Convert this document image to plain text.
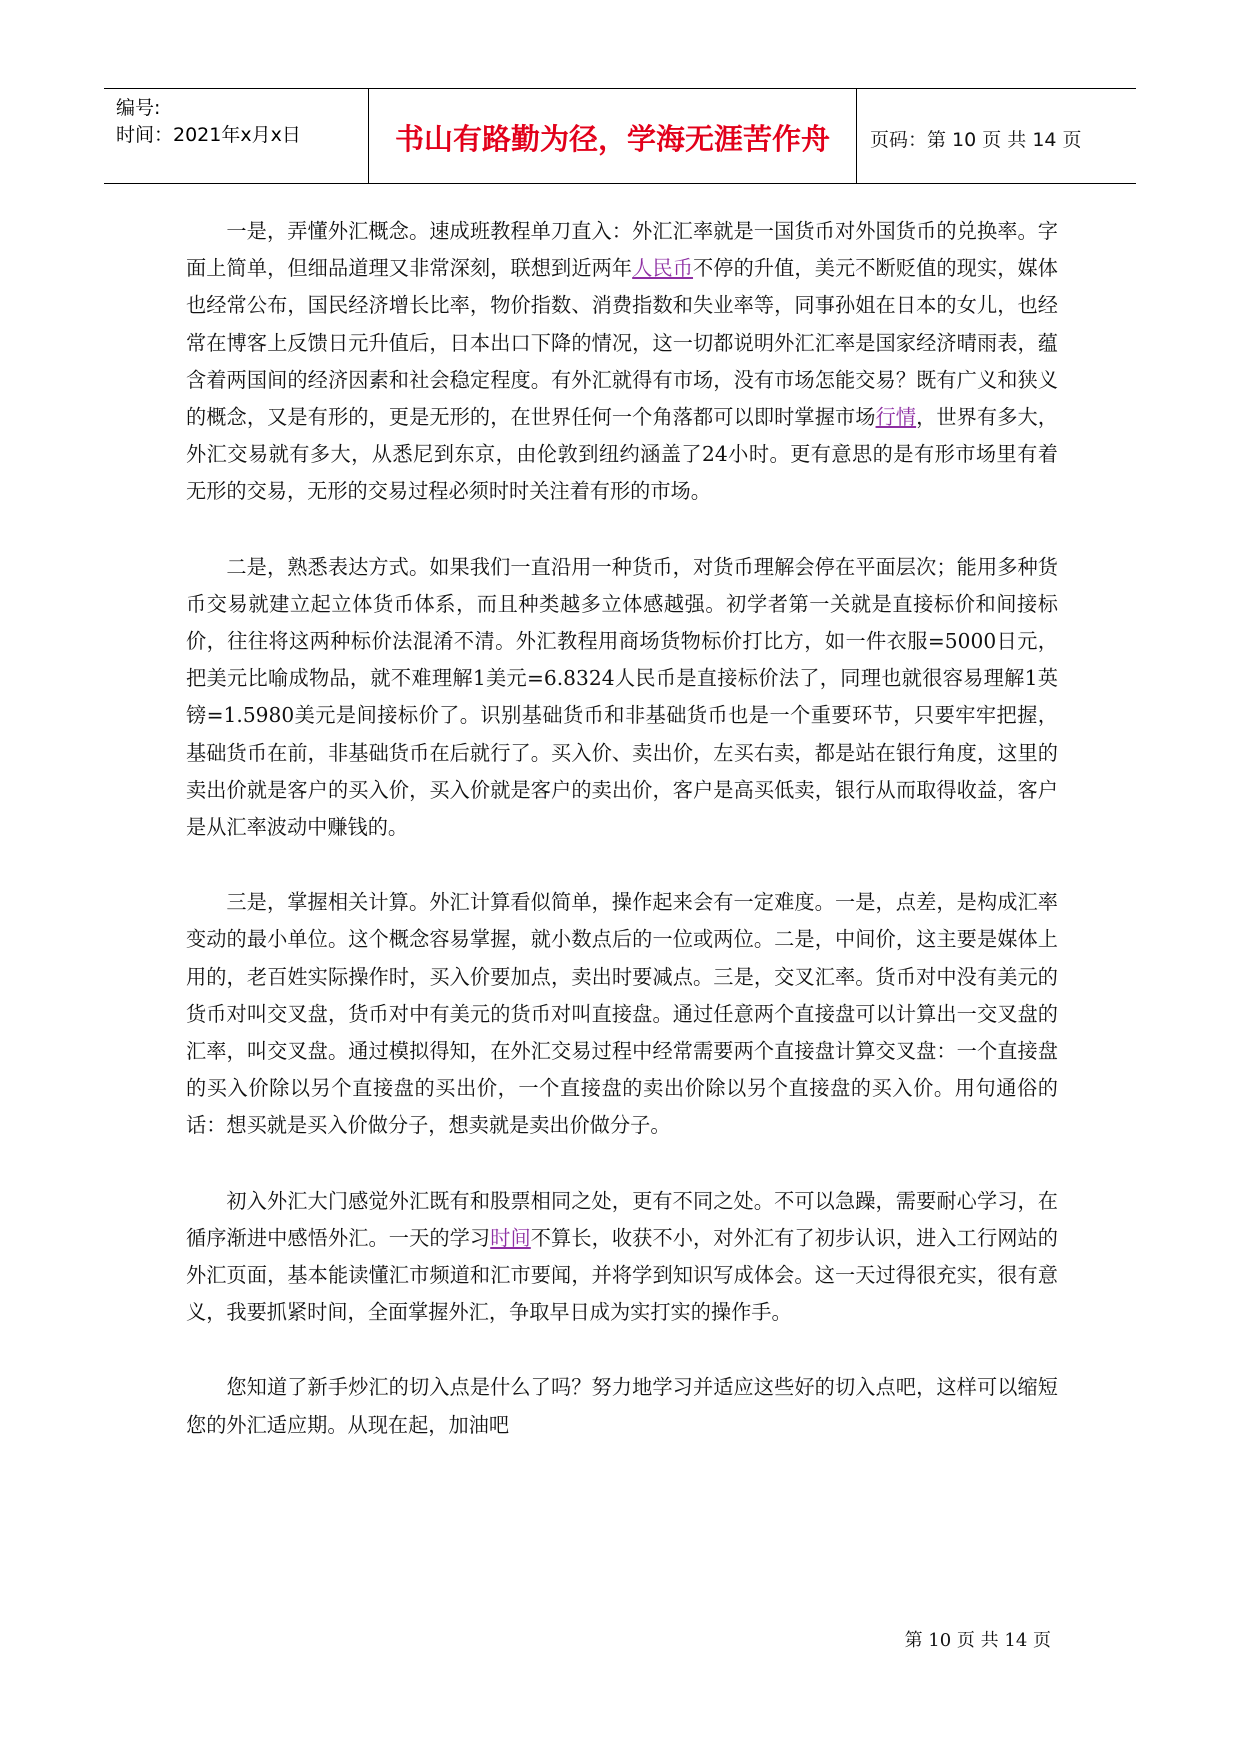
编号:
时间：2021年x月x日	书山有路勤为径，学海无涯苦作舟	页码：第 10 页 共 14 页

一是，弄懂外汇概念。速成班教程单刀直入：外汇汇率就是一国货币对外国货币的兑换率。字面上简单，但细品道理又非常深刻，联想到近两年人民币不停的升值，美元不断贬值的现实，媒体也经常公布，国民经济增长比率，物价指数、消费指数和失业率等，同事孙姐在日本的女儿，也经常在博客上反馈日元升值后，日本出口下降的情况，这一切都说明外汇汇率是国家经济晴雨表，蕴含着两国间的经济因素和社会稳定程度。有外汇就得有市场，没有市场怎能交易？既有广义和狭义的概念，又是有形的，更是无形的，在世界任何一个角落都可以即时掌握市场行情，世界有多大，外汇交易就有多大，从悉尼到东京，由伦敦到纽约涵盖了24小时。更有意思的是有形市场里有着无形的交易，无形的交易过程必须时时关注着有形的市场。

二是，熟悉表达方式。如果我们一直沿用一种货币，对货币理解会停在平面层次；能用多种货币交易就建立起立体货币体系，而且种类越多立体感越强。初学者第一关就是直接标价和间接标价，往往将这两种标价法混淆不清。外汇教程用商场货物标价打比方，如一件衣服=5000日元，把美元比喻成物品，就不难理解1美元=6.8324人民币是直接标价法了，同理也就很容易理解1英镑=1.5980美元是间接标价了。识别基础货币和非基础货币也是一个重要环节，只要牢牢把握，基础货币在前，非基础货币在后就行了。买入价、卖出价，左买右卖，都是站在银行角度，这里的卖出价就是客户的买入价，买入价就是客户的卖出价，客户是高买低卖，银行从而取得收益，客户是从汇率波动中赚钱的。

三是，掌握相关计算。外汇计算看似简单，操作起来会有一定难度。一是，点差，是构成汇率变动的最小单位。这个概念容易掌握，就小数点后的一位或两位。二是，中间价，这主要是媒体上用的，老百姓实际操作时，买入价要加点，卖出时要减点。三是，交叉汇率。货币对中没有美元的货币对叫交叉盘，货币对中有美元的货币对叫直接盘。通过任意两个直接盘可以计算出一交叉盘的汇率，叫交叉盘。通过模拟得知，在外汇交易过程中经常需要两个直接盘计算交叉盘：一个直接盘的买入价除以另个直接盘的买出价，一个直接盘的卖出价除以另个直接盘的买入价。用句通俗的话：想买就是买入价做分子，想卖就是卖出价做分子。

初入外汇大门感觉外汇既有和股票相同之处，更有不同之处。不可以急躁，需要耐心学习，在循序渐进中感悟外汇。一天的学习时间不算长，收获不小，对外汇有了初步认识，进入工行网站的外汇页面，基本能读懂汇市频道和汇市要闻，并将学到知识写成体会。这一天过得很充实，很有意义，我要抓紧时间，全面掌握外汇，争取早日成为实打实的操作手。

您知道了新手炒汇的切入点是什么了吗？努力地学习并适应这些好的切入点吧，这样可以缩短您的外汇适应期。从现在起，加油吧

第 10 页 共 14 页
